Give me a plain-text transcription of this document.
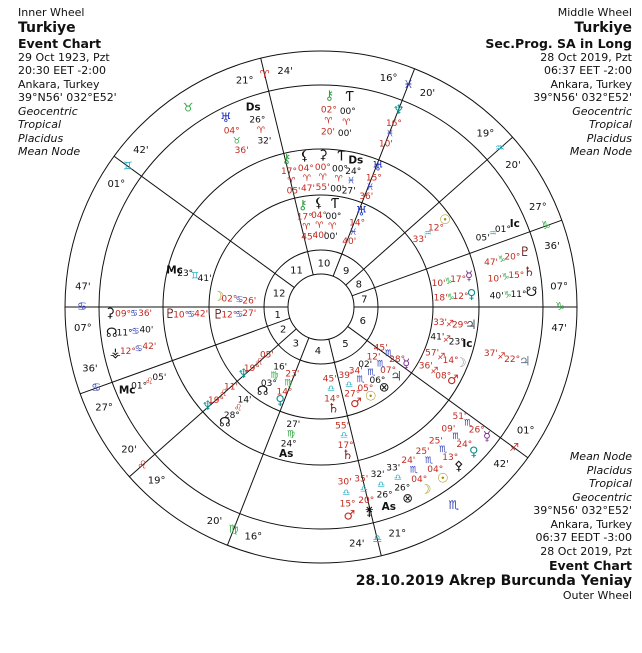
07°
♋
47'
27°
♋
36'
19°
♌
20'
16°
♍
20'
21°
♎
24'
01°
♐
42'
07°
♑
47'
27°
♑
36'
19°
♒
20'
16° ♓
20'
21°
♈ 24'
01°
♊
42'
1
2
3
4
5
6
7
8
9
10
11
12
♉
♏
Ƭ
00°
♈
00'
⚸
04°
♈
40'
⚷
17°
♈
45'
☽
02°
♋
26'
♇
12°
♋
27'
♆
19°
♌
05'
☊
03°
♍
16'
♀
14°
♍
23'
♄
14°
♎
45'
♂
27°
♎
39'
☉
05°
♏
34'
⊗
06°
♏
02'
♃
07°
♏
12' ☿
28°
♏
45'
♅
14°
♓
40'
Ƭ
00°
♈
00'
⚳
00°
♈
55'
⚸
04°
♈
47'
⚷
17°
♈
05'
Mc
23°
♊
41'
♇
10°
♋
42'
♆
19°
♌
11'
☊
28°
♌
14'
As
24°
♍
27'
♄
17°
♎
55'
♂
08°
♐
36' ☽
14°
♐
57'
Ic
23°
♐
41'
♃
29°
♐
33'
♀
12°
♑
18'
☿
17°
♑
10'
☉
12°
♒
33'
♅
15°
♓
36'
Ds
24°
♓
27'
Ƭ
00°
♈
00'
⚷
02°
♈
20'
Ds
26°
♈
32'
♅
04°
♉
36'
⚳ 09°
♋ 36'
☊ 11°
♋ 40'
⚶ 12°
♋ 42'
Mc
01°
♌ 05'
♂
15°
♎
30'
⚵
20°
♎
35'
As
26°
♎
32'
⊗
26°
♎
33'
☽
04°
♏
24'
☉
04°
♏
25'
⚴
13°
♏
25'
♀
24°
♏
09' ☿
26°
♏
51'
♃
22°
♐
37'
☋
11°
♑
40'
♄
15°
♑
10'
♇
20°
♑
47'
Ic
01°
♒
05'
♆
16°
♓
10'
Inner Wheel
Turkiye
Event Chart
29 Oct 1923, Pzt
20:30 EET -2:00
Ankara, Turkey
39°N56' 032°E52'
Geocentric
Tropical
Placidus
Mean Node
Middle Wheel
Turkiye
Sec.Prog. SA in Long
28 Oct 2019, Pzt
06:37 EET -2:00
Ankara, Turkey
39°N56' 032°E52'
Geocentric
Tropical
Placidus
Mean Node
Mean Node
Placidus
Tropical
Geocentric
39°N56' 032°E52'
Ankara, Turkey
06:37 EEDT -3:00
28 Oct 2019, Pzt
Event Chart
28.10.2019 Akrep Burcunda Yeniay
Outer Wheel
